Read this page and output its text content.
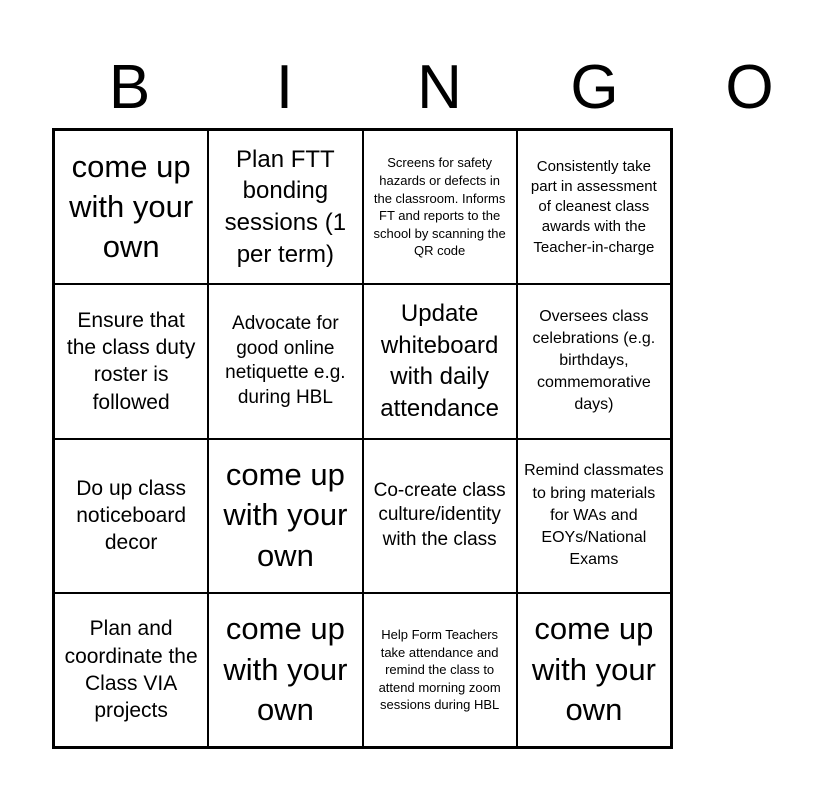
B	I	N	G	O
come up with your own
Plan FTT bonding sessions (1 per term)
Screens for safety hazards or defects in the classroom. Informs FT and reports to the school by scanning the QR code
Consistently take part in assessment of cleanest class awards with the Teacher-in-charge
Ensure that the class duty roster is followed
Advocate for good online netiquette e.g. during HBL
Update whiteboard with daily attendance
Oversees class celebrations (e.g. birthdays, commemorative days)
Do up class noticeboard decor
come up with your own
Co-create class culture/identity with the class
Remind classmates to bring materials for WAs and EOYs/National Exams
Plan and coordinate the Class VIA projects
come up with your own
Help Form Teachers take attendance and remind the class to attend morning zoom sessions during HBL
come up with your own
